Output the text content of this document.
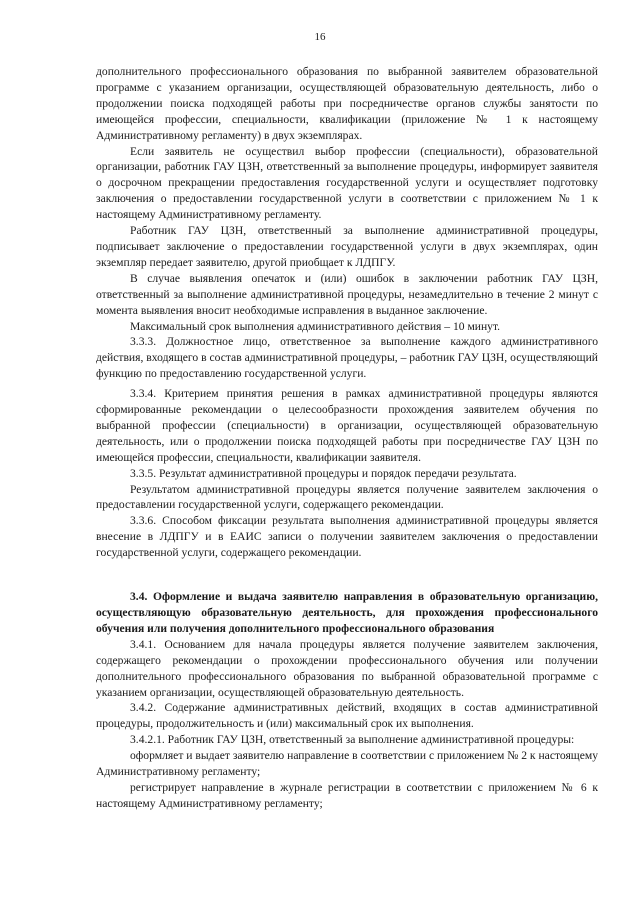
16

дополнительного профессионального образования по выбранной заявителем образовательной программе с указанием организации, осуществляющей образовательную деятельность, либо о продолжении поиска подходящей работы при посредничестве органов службы занятости по имеющейся профессии, специальности, квалификации (приложение № 1 к настоящему Административному регламенту) в двух экземплярах.

Если заявитель не осуществил выбор профессии (специальности), образовательной организации, работник ГАУ ЦЗН, ответственный за выполнение процедуры, информирует заявителя о досрочном прекращении предоставления государственной услуги и осуществляет подготовку заключения о предоставлении государственной услуги в соответствии с приложением № 1 к настоящему Административному регламенту.

Работник ГАУ ЦЗН, ответственный за выполнение административной процедуры, подписывает заключение о предоставлении государственной услуги в двух экземплярах, один экземпляр передает заявителю, другой приобщает к ЛДПГУ.

В случае выявления опечаток и (или) ошибок в заключении работник ГАУ ЦЗН, ответственный за выполнение административной процедуры, незамедлительно в течение 2 минут с момента выявления вносит необходимые исправления в выданное заключение.

Максимальный срок выполнения административного действия – 10 минут.

3.3.3. Должностное лицо, ответственное за выполнение каждого административного действия, входящего в состав административной процедуры, – работник ГАУ ЦЗН, осуществляющий функцию по предоставлению государственной услуги.

3.3.4. Критерием принятия решения в рамках административной процедуры являются сформированные рекомендации о целесообразности прохождения заявителем обучения по выбранной профессии (специальности) в организации, осуществляющей образовательную деятельность, или о продолжении поиска подходящей работы при посредничестве ГАУ ЦЗН по имеющейся профессии, специальности, квалификации заявителя.

3.3.5. Результат административной процедуры и порядок передачи результата.

Результатом административной процедуры является получение заявителем заключения о предоставлении государственной услуги, содержащего рекомендации.

3.3.6. Способом фиксации результата выполнения административной процедуры является внесение в ЛДПГУ и в ЕАИС записи о получении заявителем заключения о предоставлении государственной услуги, содержащего рекомендации.

3.4. Оформление и выдача заявителю направления в образовательную организацию, осуществляющую образовательную деятельность, для прохождения профессионального обучения или получения дополнительного профессионального образования

3.4.1. Основанием для начала процедуры является получение заявителем заключения, содержащего рекомендации о прохождении профессионального обучения или получении дополнительного профессионального образования по выбранной образовательной программе с указанием организации, осуществляющей образовательную деятельность.

3.4.2. Содержание административных действий, входящих в состав административной процедуры, продолжительность и (или) максимальный срок их выполнения.

3.4.2.1. Работник ГАУ ЦЗН, ответственный за выполнение административной процедуры:

оформляет и выдает заявителю направление в соответствии с приложением № 2 к настоящему Административному регламенту;

регистрирует направление в журнале регистрации в соответствии с приложением № 6 к настоящему Административному регламенту;
